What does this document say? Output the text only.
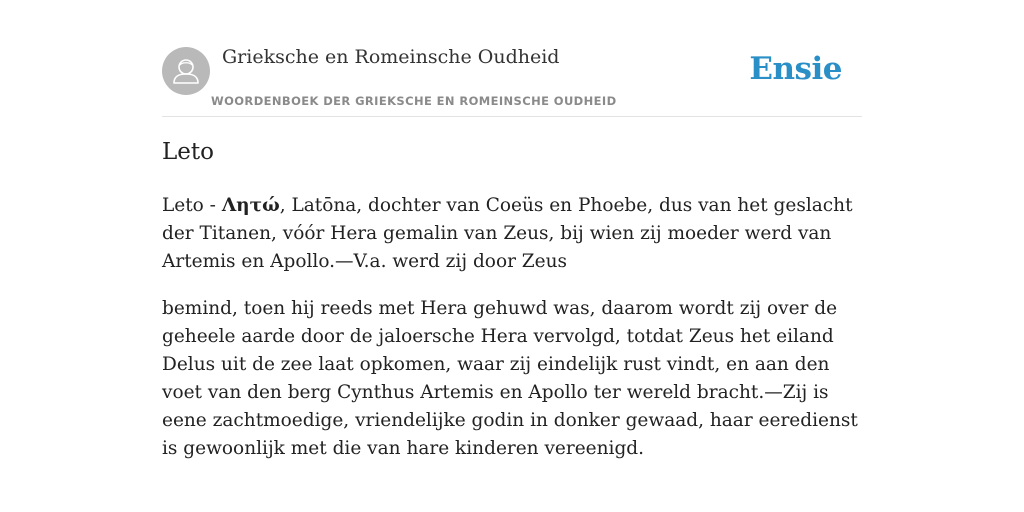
Grieksche en Romeinsche Oudheid
WOORDENBOEK DER GRIEKSCHE EN ROMEINSCHE OUDHEID
Ensie
Leto

Leto - Λητώ, Latōna, dochter van Coeüs en Phoebe, dus van het geslacht der Titanen, vóór Hera gemalin van Zeus, bij wien zij moeder werd van Artemis en Apollo.—V.a. werd zij door Zeus

bemind, toen hij reeds met Hera gehuwd was, daarom wordt zij over de geheele aarde door de jaloersche Hera vervolgd, totdat Zeus het eiland Delus uit de zee laat opkomen, waar zij eindelijk rust vindt, en aan den voet van den berg Cynthus Artemis en Apollo ter wereld bracht.—Zij is eene zachtmoedige, vriendelijke godin in donker gewaad, haar eeredienst is gewoonlijk met die van hare kinderen vereenigd.
